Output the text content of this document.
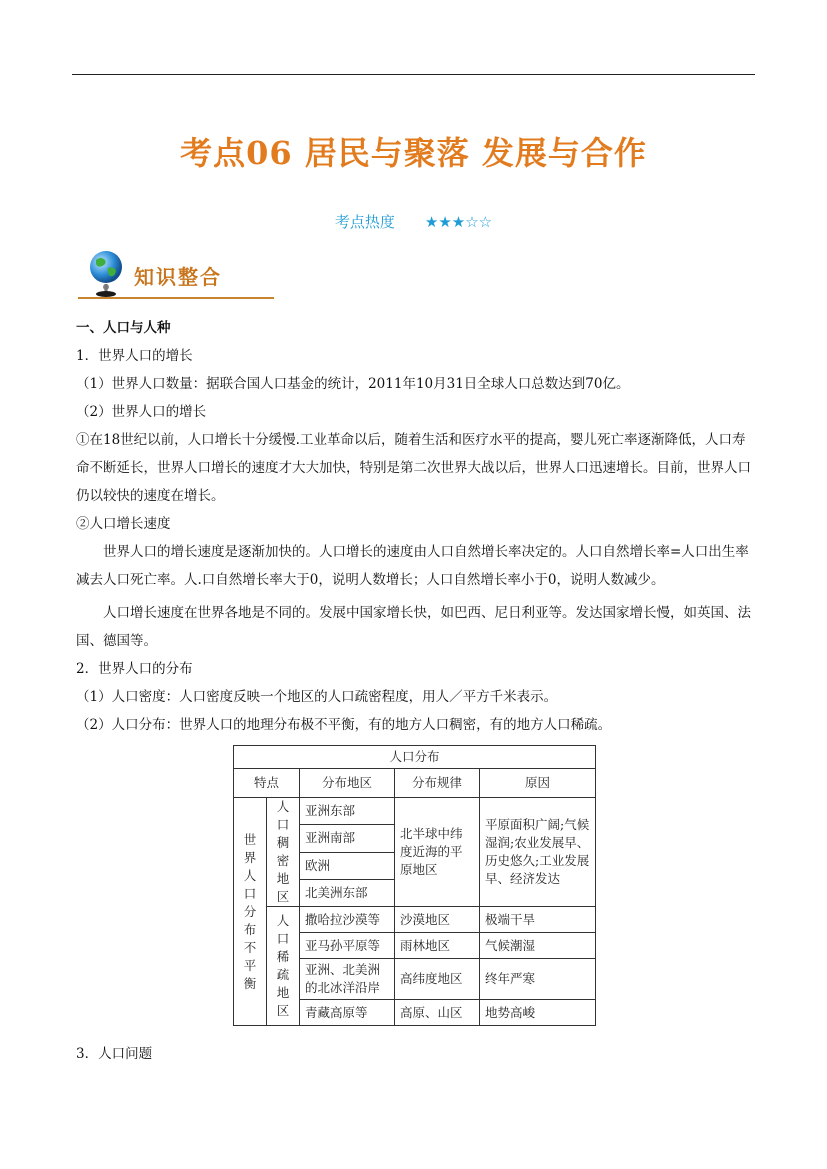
考点06 居民与聚落 发展与合作
考点热度 ★★★☆☆
知识整合

一、人口与人种

1．世界人口的增长

（1）世界人口数量：据联合国人口基金的统计，2011年10月31日全球人口总数达到70亿。

（2）世界人口的增长

①在18世纪以前，人口增长十分缓慢.工业革命以后，随着生活和医疗水平的提高，婴儿死亡率逐渐降低，人口寿命不断延长，世界人口增长的速度才大大加快，特别是第二次世界大战以后，世界人口迅速增长。目前，世界人口仍以较快的速度在增长。

②人口增长速度

世界人口的增长速度是逐渐加快的。人口增长的速度由人口自然增长率决定的。人口自然增长率=人口出生率减去人口死亡率。人.口自然增长率大于0，说明人数增长；人口自然增长率小于0，说明人数减少。

人口增长速度在世界各地是不同的。发展中国家增长快，如巴西、尼日利亚等。发达国家增长慢，如英国、法国、德国等。

2．世界人口的分布

（1）人口密度：人口密度反映一个地区的人口疏密程度，用人／平方千米表示。

（2）人口分布：世界人口的地理分布极不平衡，有的地方人口稠密，有的地方人口稀疏。

人口分布				
特点		分布地区	分布规律	原因
世界人口分布不平衡	人口稠密地区	亚洲东部	北半球中纬度近海的平原地区	平原面积广阔;气候湿润;农业发展早、历史悠久;工业发展早、经济发达
		亚洲南部		
		欧洲		
		北美洲东部		
	人口稀疏地区	撒哈拉沙漠等	沙漠地区	极端干旱
		亚马孙平原等	雨林地区	气候潮湿
		亚洲、北美洲的北冰洋沿岸	高纬度地区	终年严寒
		青藏高原等	高原、山区	地势高峻
3．人口问题
